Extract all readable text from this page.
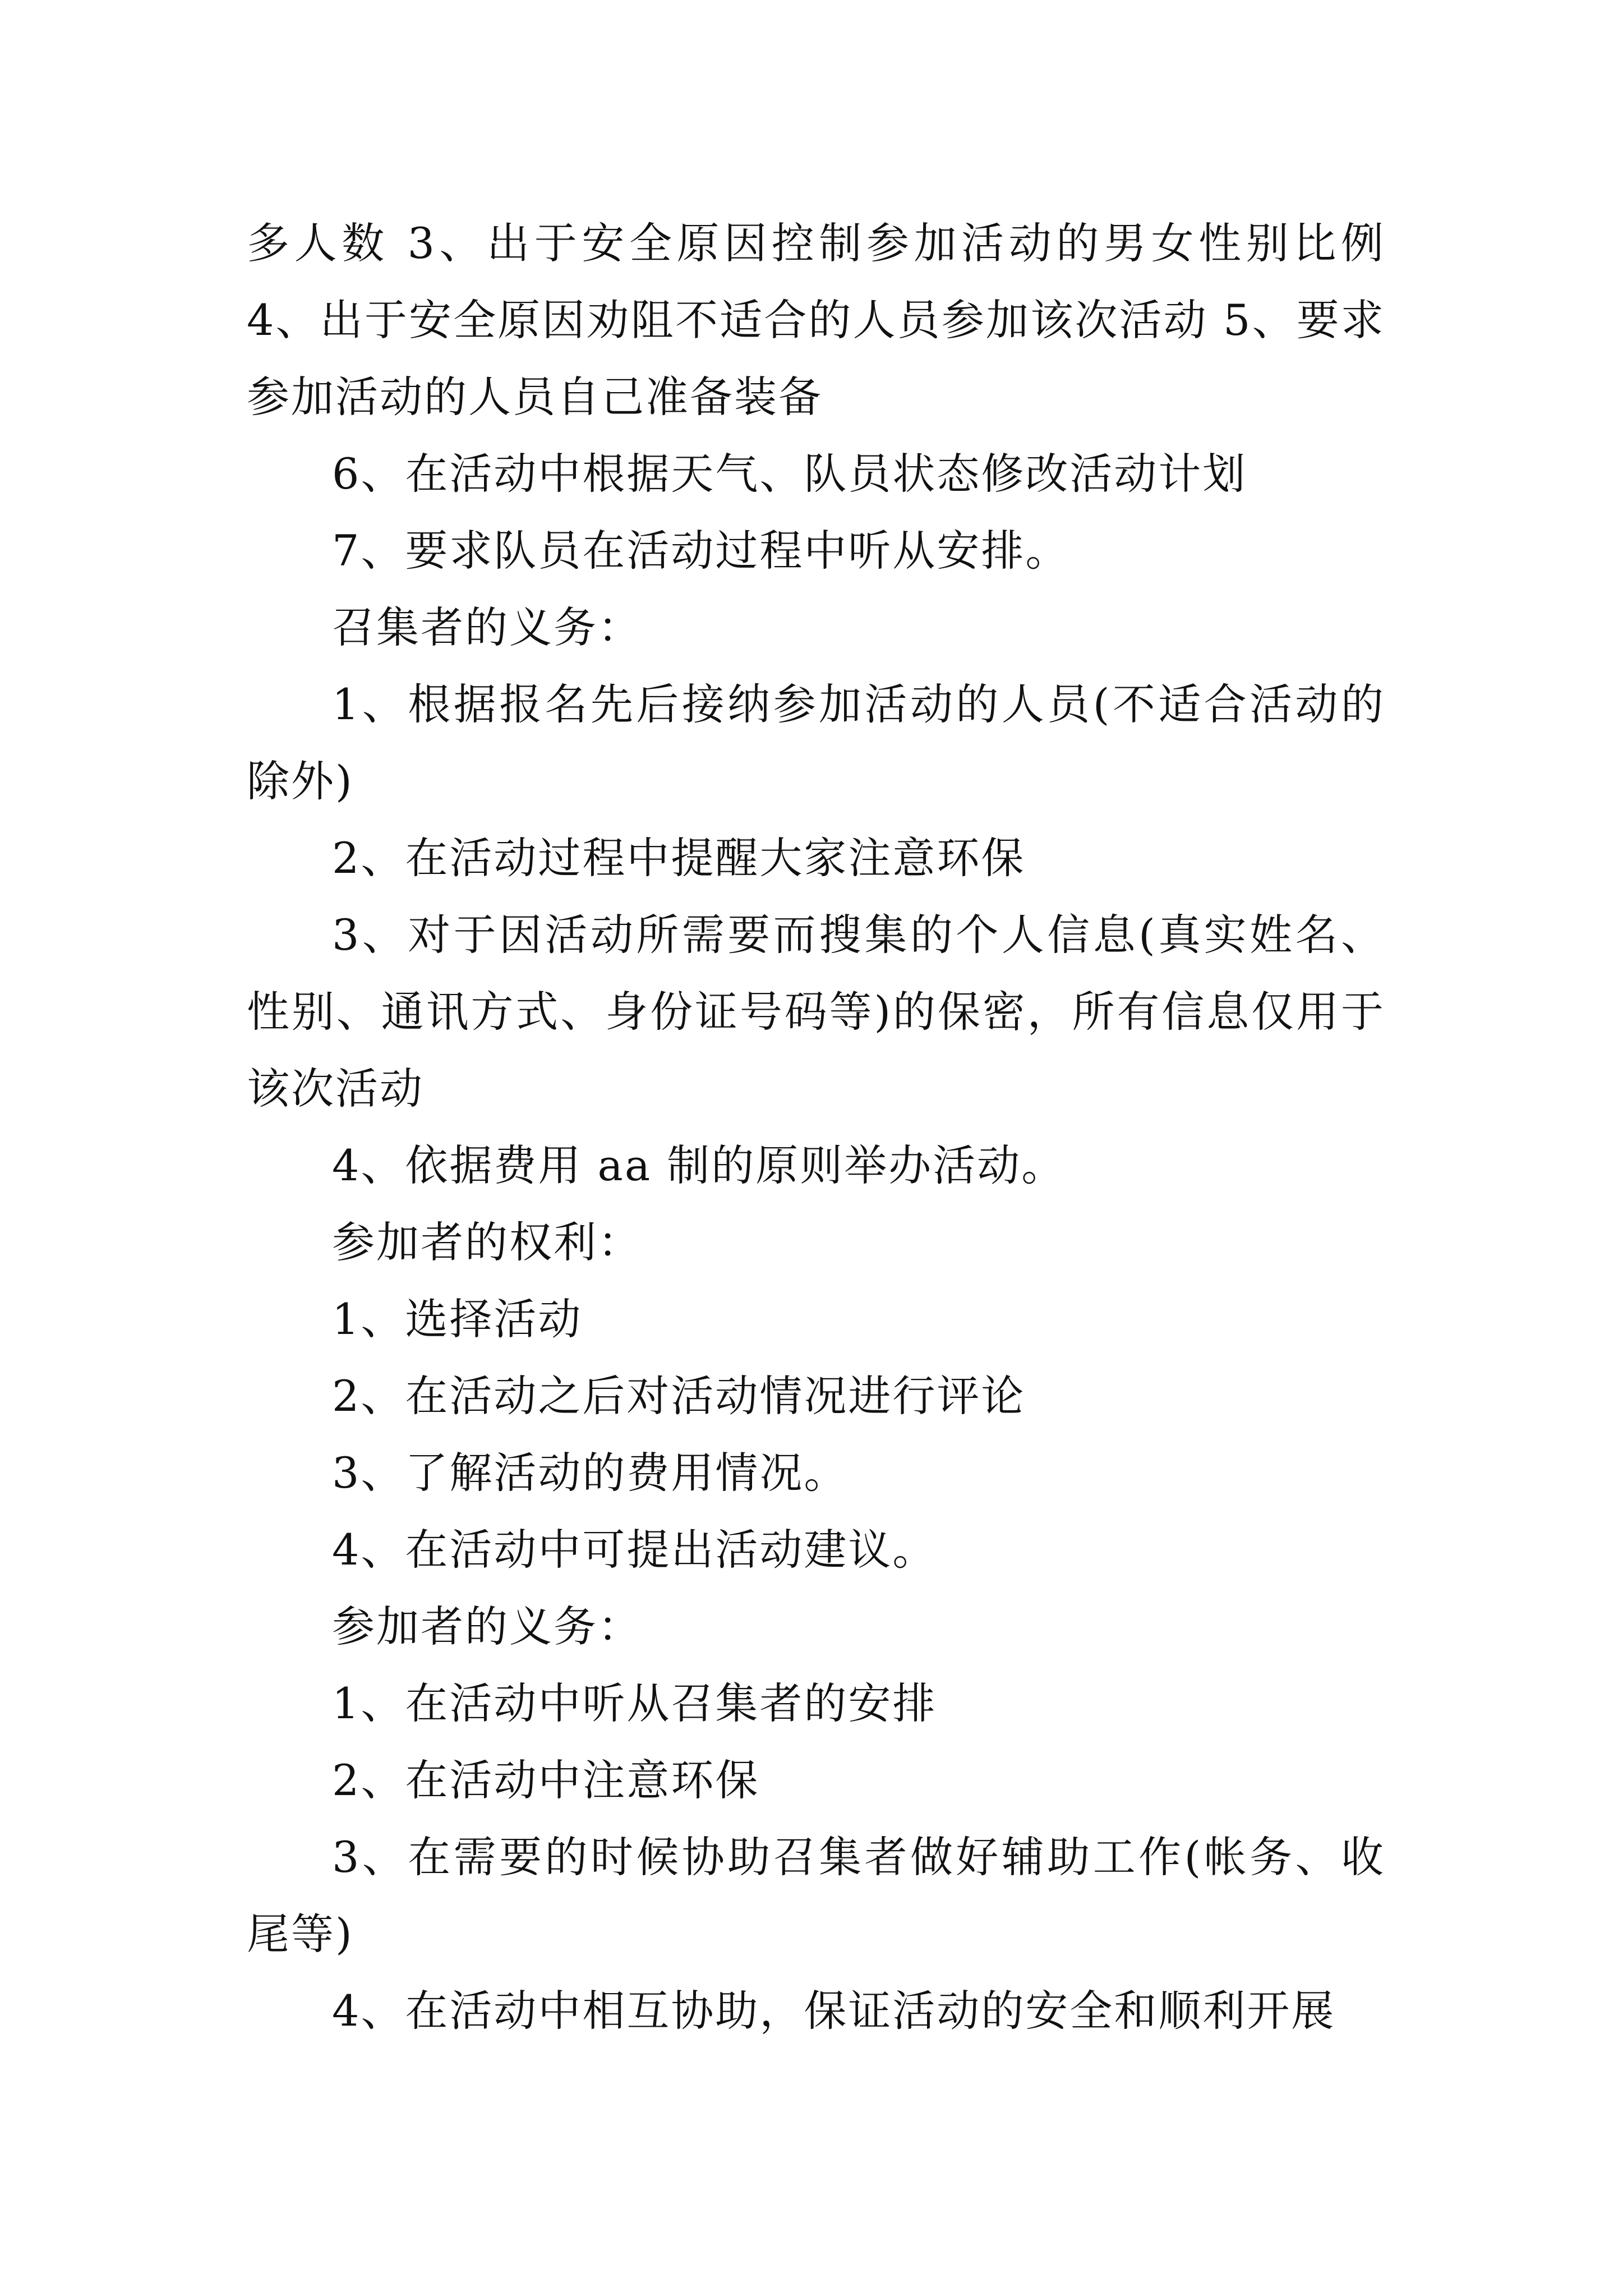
多人数 3、出于安全原因控制参加活动的男女性别比例 4、出于安全原因劝阻不适合的人员参加该次活动 5、要求参加活动的人员自己准备装备

6、在活动中根据天气、队员状态修改活动计划

7、要求队员在活动过程中听从安排。

召集者的义务：

1、根据报名先后接纳参加活动的人员(不适合活动的除外)

2、在活动过程中提醒大家注意环保

3、对于因活动所需要而搜集的个人信息(真实姓名、性别、通讯方式、身份证号码等)的保密，所有信息仅用于该次活动

4、依据费用 aa 制的原则举办活动。

参加者的权利：

1、选择活动

2、在活动之后对活动情况进行评论

3、了解活动的费用情况。

4、在活动中可提出活动建议。

参加者的义务：

1、在活动中听从召集者的安排

2、在活动中注意环保

3、在需要的时候协助召集者做好辅助工作(帐务、收尾等)

4、在活动中相互协助，保证活动的安全和顺利开展
